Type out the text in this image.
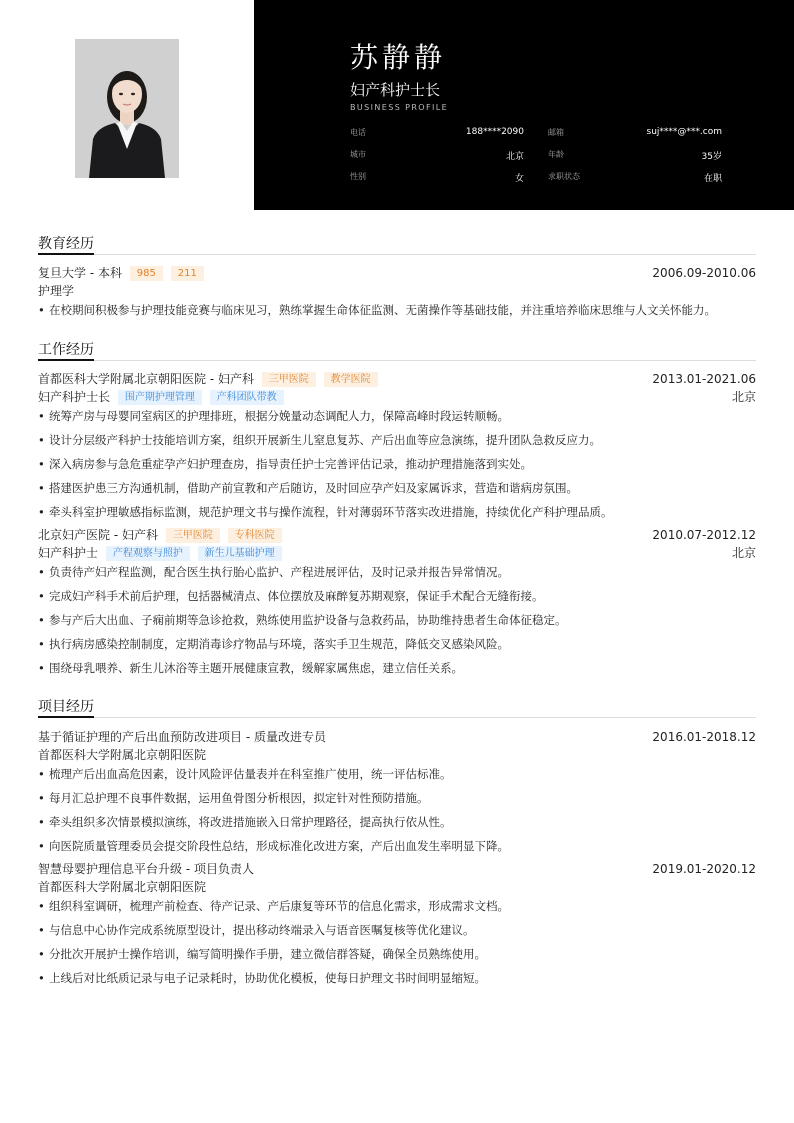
苏静静
妇产科护士长
BUSINESS PROFILE
电话	188****2090	邮箱	suj****@***.com
城市	北京	年龄	35岁
性别	女	求职状态	在职
教育经历
复旦大学 - 本科 985 211	2006.09-2010.06
护理学
• 在校期间积极参与护理技能竞赛与临床见习，熟练掌握生命体征监测、无菌操作等基础技能，并注重培养临床思维与人文关怀能力。
工作经历
首都医科大学附属北京朝阳医院 - 妇产科 三甲医院 教学医院	2013.01-2021.06
妇产科护士长 围产期护理管理 产科团队带教	北京
• 统筹产房与母婴同室病区的护理排班，根据分娩量动态调配人力，保障高峰时段运转顺畅。
• 设计分层级产科护士技能培训方案，组织开展新生儿窒息复苏、产后出血等应急演练，提升团队急救反应力。
• 深入病房参与急危重症孕产妇护理查房，指导责任护士完善评估记录，推动护理措施落到实处。
• 搭建医护患三方沟通机制，借助产前宣教和产后随访，及时回应孕产妇及家属诉求，营造和谐病房氛围。
• 牵头科室护理敏感指标监测，规范护理文书与操作流程，针对薄弱环节落实改进措施，持续优化产科护理品质。
北京妇产医院 - 妇产科 三甲医院 专科医院	2010.07-2012.12
妇产科护士 产程观察与照护 新生儿基础护理	北京
• 负责待产妇产程监测，配合医生执行胎心监护、产程进展评估，及时记录并报告异常情况。
• 完成妇产科手术前后护理，包括器械清点、体位摆放及麻醉复苏期观察，保证手术配合无缝衔接。
• 参与产后大出血、子痫前期等急诊抢救，熟练使用监护设备与急救药品，协助维持患者生命体征稳定。
• 执行病房感染控制制度，定期消毒诊疗物品与环境，落实手卫生规范，降低交叉感染风险。
• 围绕母乳喂养、新生儿沐浴等主题开展健康宣教，缓解家属焦虑，建立信任关系。
项目经历
基于循证护理的产后出血预防改进项目 - 质量改进专员	2016.01-2018.12
首都医科大学附属北京朝阳医院
• 梳理产后出血高危因素，设计风险评估量表并在科室推广使用，统一评估标准。
• 每月汇总护理不良事件数据，运用鱼骨图分析根因，拟定针对性预防措施。
• 牵头组织多次情景模拟演练，将改进措施嵌入日常护理路径，提高执行依从性。
• 向医院质量管理委员会提交阶段性总结，形成标准化改进方案，产后出血发生率明显下降。
智慧母婴护理信息平台升级 - 项目负责人	2019.01-2020.12
首都医科大学附属北京朝阳医院
• 组织科室调研，梳理产前检查、待产记录、产后康复等环节的信息化需求，形成需求文档。
• 与信息中心协作完成系统原型设计，提出移动终端录入与语音医嘱复核等优化建议。
• 分批次开展护士操作培训，编写简明操作手册，建立微信群答疑，确保全员熟练使用。
• 上线后对比纸质记录与电子记录耗时，协助优化模板，使每日护理文书时间明显缩短。
